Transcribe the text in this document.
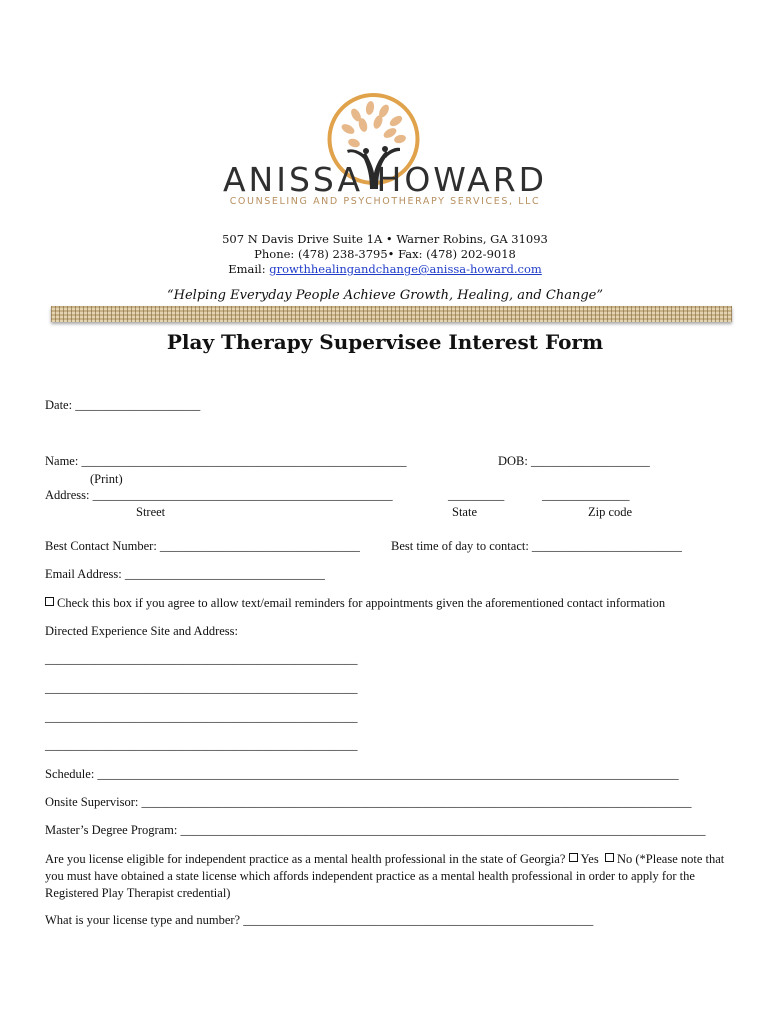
ANISSA HOWARD
COUNSELING AND PSYCHOTHERAPY SERVICES, LLC
507 N Davis Drive Suite 1A • Warner Robins, GA 31093
Phone: (478) 238-3795• Fax: (478) 202-9018
Email: growthhealingandchange@anissa-howard.com
“Helping Everyday People Achieve Growth, Healing, and Change”
Play Therapy Supervisee Interest Form
Date: ____________________
Name: ____________________________________________________	DOB: ___________________
(Print)
Address: ________________________________________________	_________	______________
Street	State	Zip code
Best Contact Number: ________________________________ Best time of day to contact: ________________________
Email Address: ________________________________
Check this box if you agree to allow text/email reminders for appointments given the aforementioned contact information
Directed Experience Site and Address:
__________________________________________________
__________________________________________________
__________________________________________________
__________________________________________________
Schedule: _____________________________________________________________________________________________
Onsite Supervisor: ________________________________________________________________________________________
Master’s Degree Program: ____________________________________________________________________________________
Are you license eligible for independent practice as a mental health professional in the state of Georgia? Yes No (*Please note that you must have obtained a state license which affords independent practice as a mental health professional in order to apply for the Registered Play Therapist credential)
What is your license type and number? ________________________________________________________
